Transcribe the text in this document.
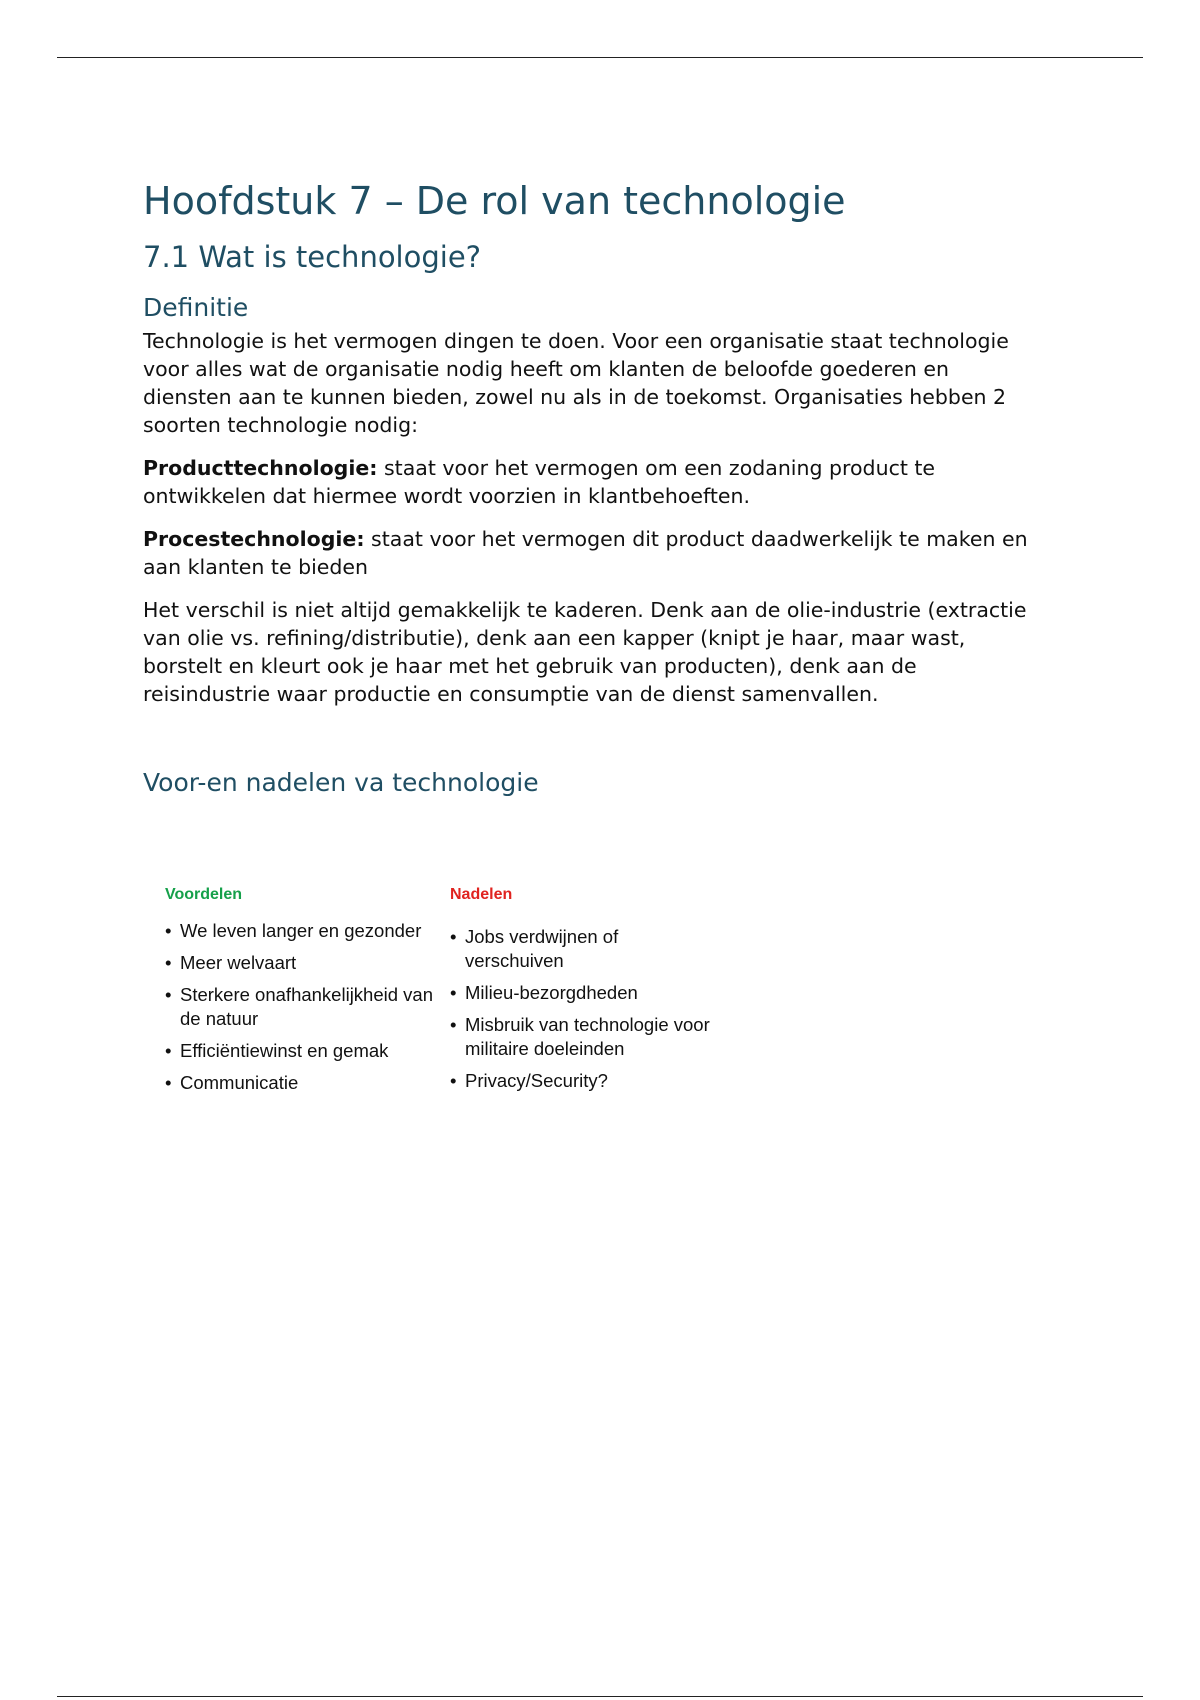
Hoofdstuk 7 – De rol van technologie
7.1 Wat is technologie?
Definitie

Technologie is het vermogen dingen te doen. Voor een organisatie staat technologie voor alles wat de organisatie nodig heeft om klanten de beloofde goederen en diensten aan te kunnen bieden, zowel nu als in de toekomst. Organisaties hebben 2 soorten technologie nodig:

Producttechnologie: staat voor het vermogen om een zodaning product te ontwikkelen dat hiermee wordt voorzien in klantbehoeften.

Procestechnologie: staat voor het vermogen dit product daadwerkelijk te maken en aan klanten te bieden

Het verschil is niet altijd gemakkelijk te kaderen. Denk aan de olie-industrie (extractie van olie vs. refining/distributie), denk aan een kapper (knipt je haar, maar wast, borstelt en kleurt ook je haar met het gebruik van producten), denk aan de reisindustrie waar productie en consumptie van de dienst samenvallen.

Voor-en nadelen va technologie
Voordelen
• We leven langer en gezonder
• Meer welvaart
• Sterkere onafhankelijkheid van de natuur
• Efficiëntiewinst en gemak
• Communicatie
Nadelen
• Jobs verdwijnen of verschuiven
• Milieu-bezorgdheden
• Misbruik van technologie voor militaire doeleinden
• Privacy/Security?
